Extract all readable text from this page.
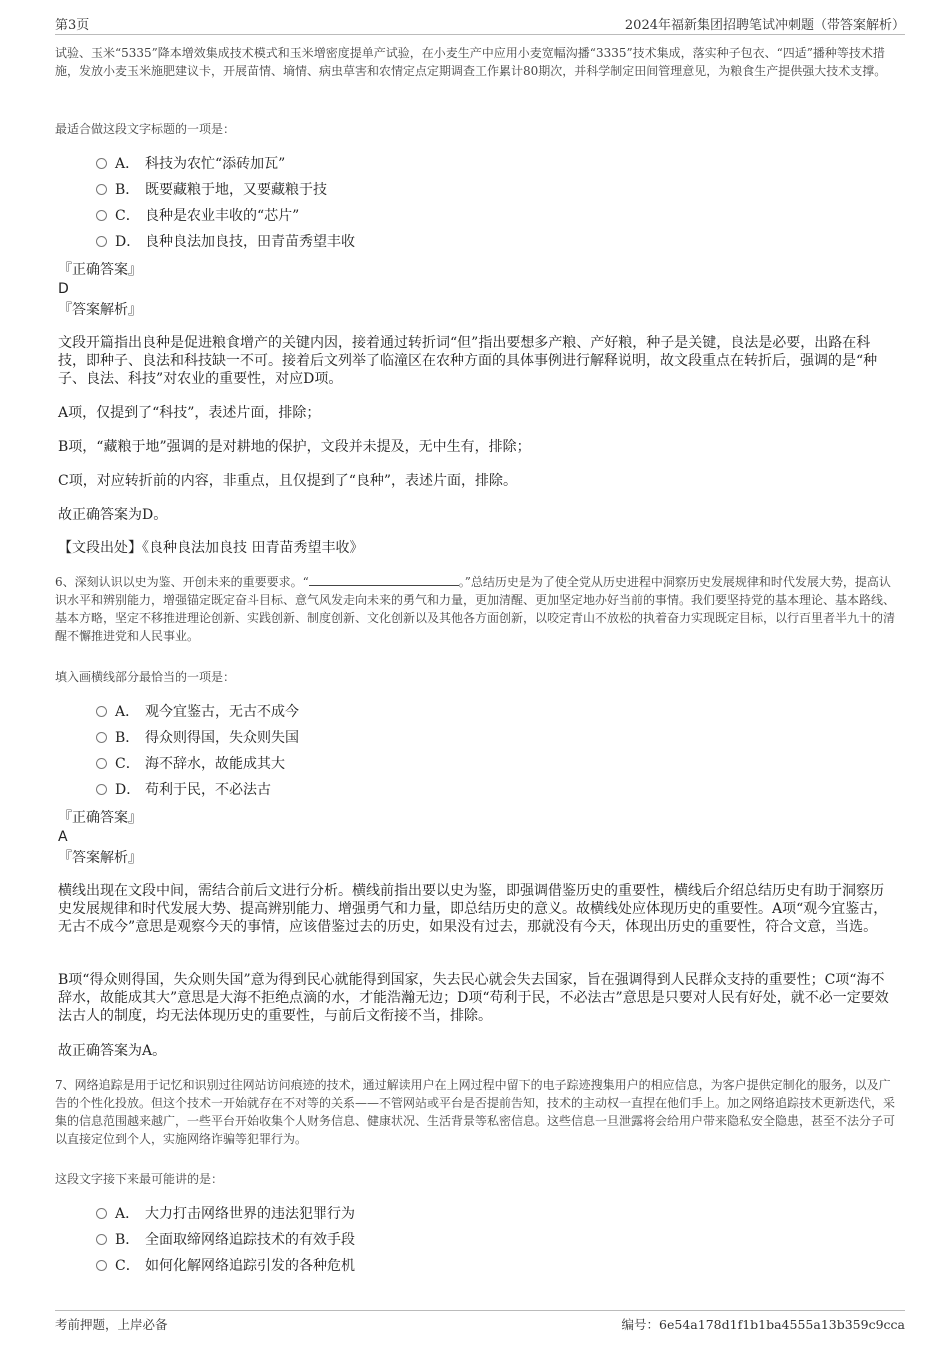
第3页	2024年福新集团招聘笔试冲刺题（带答案解析）

试验、玉米“5335”降本增效集成技术模式和玉米增密度提单产试验，在小麦生产中应用小麦宽幅沟播“3335”技术集成，落实种子包衣、“四适”播种等技术措施，发放小麦玉米施肥建议卡，开展苗情、墒情、病虫草害和农情定点定期调查工作累计80期次，并科学制定田间管理意见，为粮食生产提供强大技术支撑。

最适合做这段文字标题的一项是：

A． 科技为农忙“添砖加瓦”
B． 既要藏粮于地，又要藏粮于技
C． 良种是农业丰收的“芯片”
D． 良种良法加良技，田青苗秀望丰收
『正确答案』
D
『答案解析』

文段开篇指出良种是促进粮食增产的关键内因，接着通过转折词“但”指出要想多产粮、产好粮，种子是关键，良法是必要，出路在科技，即种子、良法和科技缺一不可。接着后文列举了临潼区在农种方面的具体事例进行解释说明，故文段重点在转折后，强调的是“种子、良法、科技”对农业的重要性，对应D项。

A项，仅提到了“科技”，表述片面，排除；

B项，“藏粮于地”强调的是对耕地的保护，文段并未提及，无中生有，排除；

C项，对应转折前的内容，非重点，且仅提到了“良种”，表述片面，排除。

故正确答案为D。

【文段出处】《良种良法加良技 田青苗秀望丰收》

6、深刻认识以史为鉴、开创未来的重要要求。“	。”总结历史是为了使全党从历史进程中洞察历史发展规律和时代发展大势，提高认识水平和辨别能力，增强锚定既定奋斗目标、意气风发走向未来的勇气和力量，更加清醒、更加坚定地办好当前的事情。我们要坚持党的基本理论、基本路线、基本方略，坚定不移推进理论创新、实践创新、制度创新、文化创新以及其他各方面创新，以咬定青山不放松的执着奋力实现既定目标，以行百里者半九十的清醒不懈推进党和人民事业。

填入画横线部分最恰当的一项是：

A． 观今宜鉴古，无古不成今
B． 得众则得国，失众则失国
C． 海不辞水，故能成其大
D． 苟利于民，不必法古
『正确答案』
A
『答案解析』

横线出现在文段中间，需结合前后文进行分析。横线前指出要以史为鉴，即强调借鉴历史的重要性，横线后介绍总结历史有助于洞察历史发展规律和时代发展大势、提高辨别能力、增强勇气和力量，即总结历史的意义。故横线处应体现历史的重要性。A项“观今宜鉴古，无古不成今”意思是观察今天的事情，应该借鉴过去的历史，如果没有过去，那就没有今天，体现出历史的重要性，符合文意，当选。

B项“得众则得国，失众则失国”意为得到民心就能得到国家，失去民心就会失去国家，旨在强调得到人民群众支持的重要性；C项“海不辞水，故能成其大”意思是大海不拒绝点滴的水，才能浩瀚无边；D项“苟利于民，不必法古”意思是只要对人民有好处，就不必一定要效法古人的制度，均无法体现历史的重要性，与前后文衔接不当，排除。

故正确答案为A。

7、网络追踪是用于记忆和识别过往网站访问痕迹的技术，通过解读用户在上网过程中留下的电子踪迹搜集用户的相应信息，为客户提供定制化的服务，以及广告的个性化投放。但这个技术一开始就存在不对等的关系——不管网站或平台是否提前告知，技术的主动权一直捏在他们手上。加之网络追踪技术更新迭代，采集的信息范围越来越广，一些平台开始收集个人财务信息、健康状况、生活背景等私密信息。这些信息一旦泄露将会给用户带来隐私安全隐患，甚至不法分子可以直接定位到个人，实施网络诈骗等犯罪行为。

这段文字接下来最可能讲的是：

A． 大力打击网络世界的违法犯罪行为
B． 全面取缔网络追踪技术的有效手段
C． 如何化解网络追踪引发的各种危机
考前押题，上岸必备	编号：6e54a178d1f1b1ba4555a13b359c9cca
